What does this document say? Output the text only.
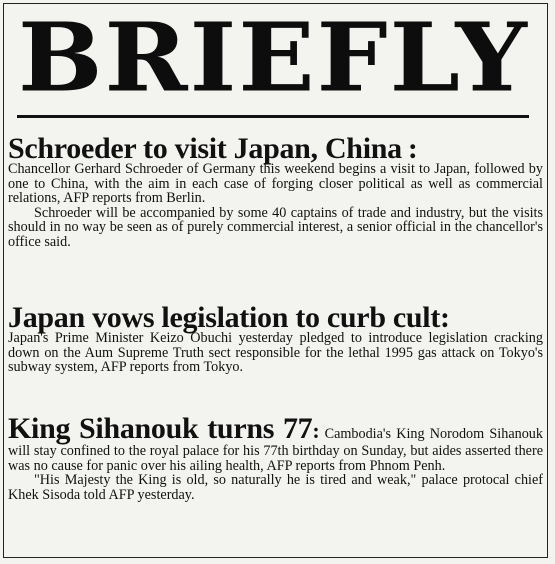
BRIEFLY
Schroeder to visit Japan, China :

Chancellor Gerhard Schroeder of Germany this weekend begins a visit to Japan, followed by one to China, with the aim in each case of forging closer political as well as commercial relations, AFP reports from Berlin.

Schroeder will be accompanied by some 40 captains of trade and industry, but the visits should in no way be seen as of purely commercial interest, a senior official in the chancellor's office said.

Japan vows legislation to curb cult:

Japan's Prime Minister Keizo Obuchi yesterday pledged to introduce legislation cracking down on the Aum Supreme Truth sect responsible for the lethal 1995 gas attack on Tokyo's subway system, AFP reports from Tokyo.

King Sihanouk turns 77: Cambodia's King Norodom Sihanouk will stay confined to the royal palace for his 77th birthday on Sunday, but aides asserted there was no cause for panic over his ailing health, AFP reports from Phnom Penh.

"His Majesty the King is old, so naturally he is tired and weak," palace protocal chief Khek Sisoda told AFP yesterday.
